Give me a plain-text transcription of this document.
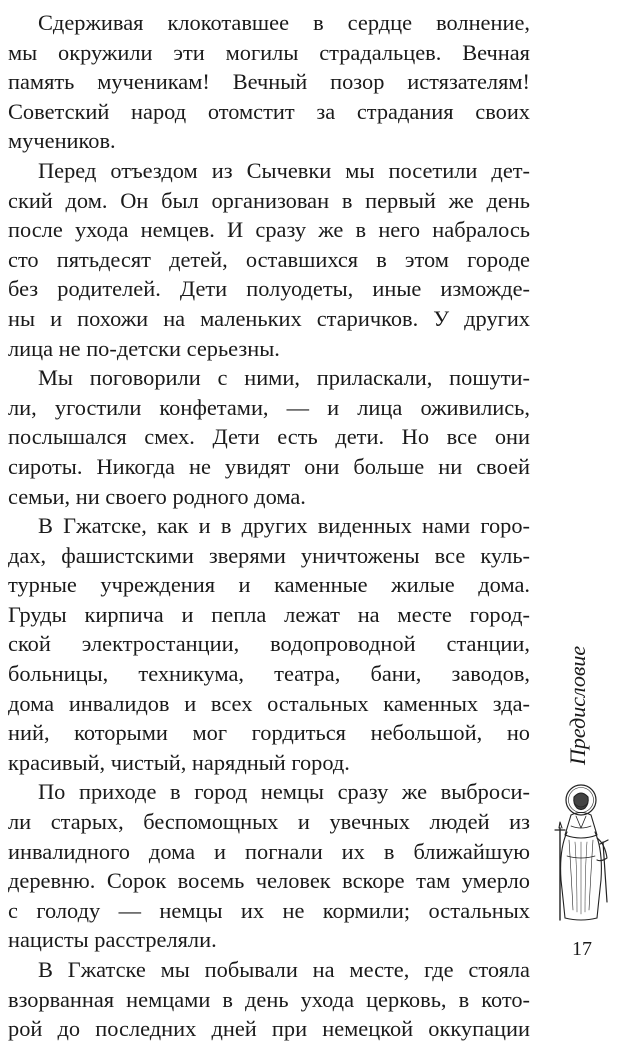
Сдерживая клокотавшее в сердце волнение,
мы окружили эти могилы страдальцев. Вечная
память мученикам! Вечный позор истязателям!
Советский народ отомстит за страдания своих
мучеников.
Перед отъездом из Сычевки мы посетили дет-
ский дом. Он был организован в первый же день
после ухода немцев. И сразу же в него набралось
сто пятьдесят детей, оставшихся в этом городе
без родителей. Дети полуодеты, иные изможде-
ны и похожи на маленьких старичков. У других
лица не по-детски серьезны.
Мы поговорили с ними, приласкали, пошути-
ли, угостили конфетами, — и лица оживились,
послышался смех. Дети есть дети. Но все они
сироты. Никогда не увидят они больше ни своей
семьи, ни своего родного дома.
В Гжатске, как и в других виденных нами горо-
дах, фашистскими зверями уничтожены все куль-
турные учреждения и каменные жилые дома.
Груды кирпича и пепла лежат на месте город-
ской электростанции, водопроводной станции,
больницы, техникума, театра, бани, заводов,
дома инвалидов и всех остальных каменных зда-
ний, которыми мог гордиться небольшой, но
красивый, чистый, нарядный город.
По приходе в город немцы сразу же выброси-
ли старых, беспомощных и увечных людей из
инвалидного дома и погнали их в ближайшую
деревню. Сорок восемь человек вскоре там умерло
с голоду — немцы их не кормили; остальных
нацисты расстреляли.
В Гжатске мы побывали на месте, где стояла
взорванная немцами в день ухода церковь, в кото-
рой до последних дней при немецкой оккупации
Предисловие
17
